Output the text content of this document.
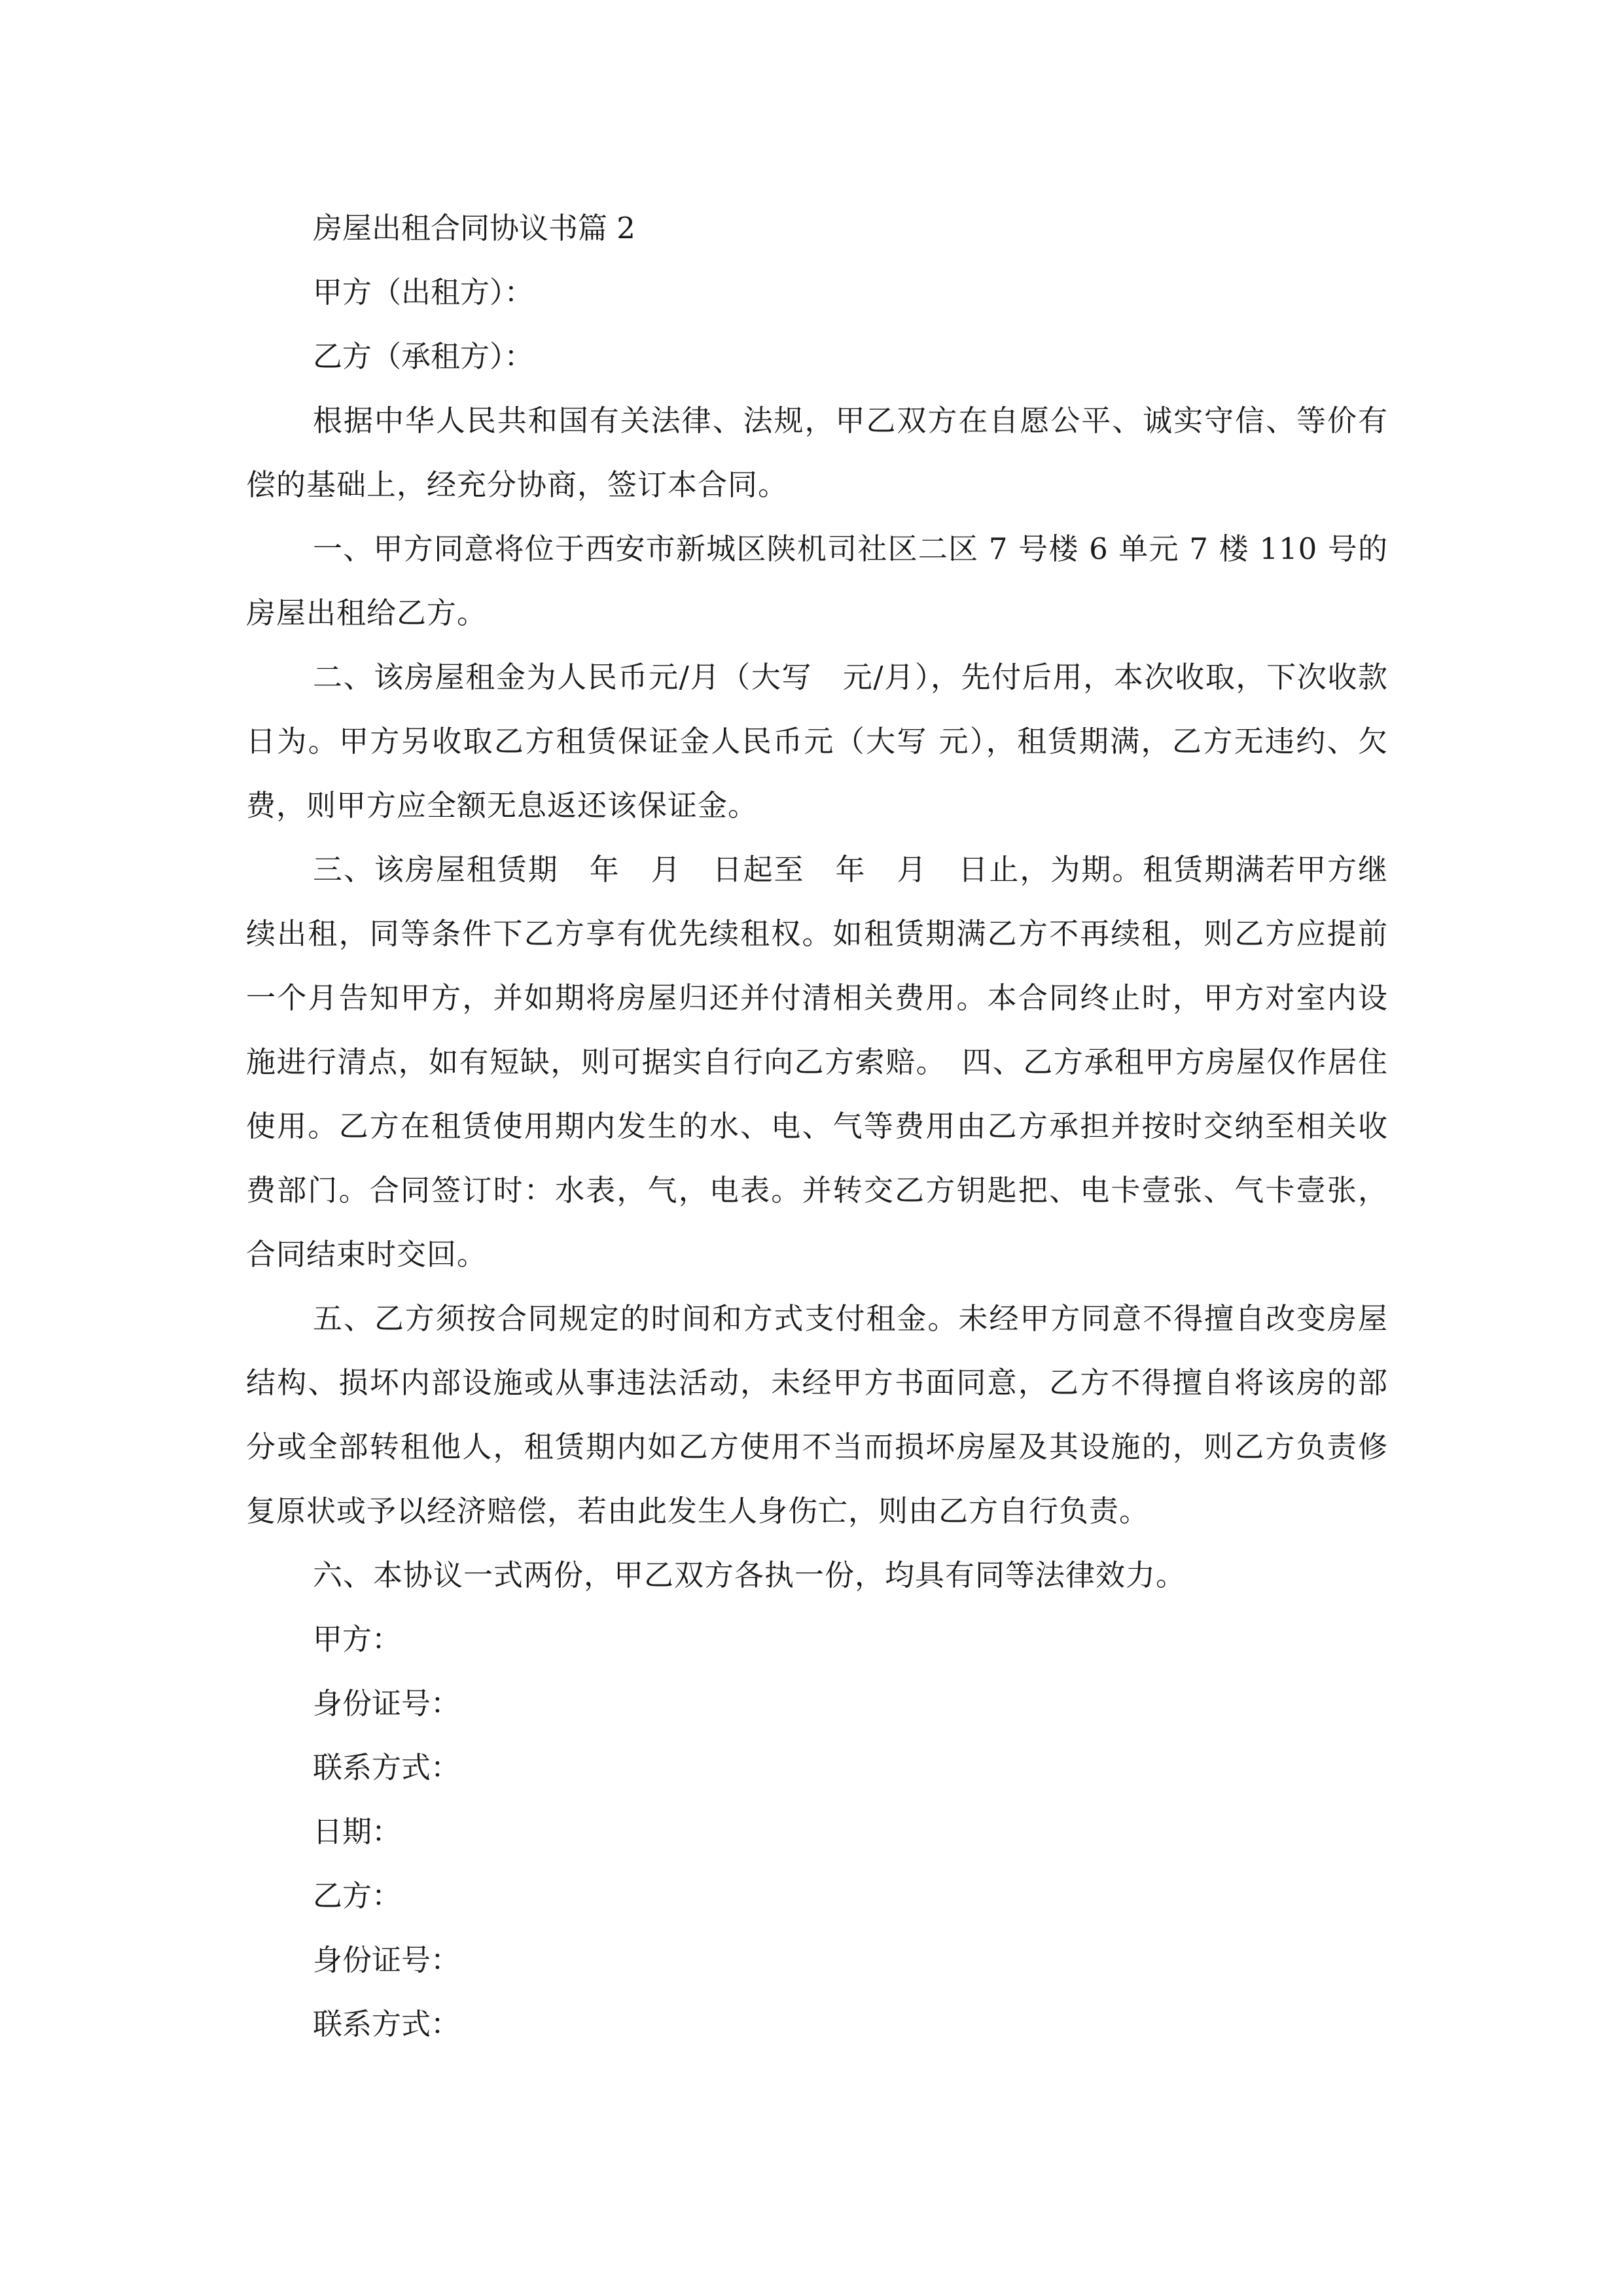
房屋出租合同协议书篇 2

甲方（出租方）：

乙方（承租方）：

根据中华人民共和国有关法律、法规，甲乙双方在自愿公平、诚实守信、等价有偿的基础上，经充分协商，签订本合同。

一、甲方同意将位于西安市新城区陕机司社区二区 7 号楼 6 单元 7 楼 110 号的房屋出租给乙方。

二、该房屋租金为人民币元/月（大写　元/月），先付后用，本次收取，下次收款日为。甲方另收取乙方租赁保证金人民币元（大写 元），租赁期满，乙方无违约、欠费，则甲方应全额无息返还该保证金。

三、该房屋租赁期　年　月　日起至　年　月　日止，为期。租赁期满若甲方继续出租，同等条件下乙方享有优先续租权。如租赁期满乙方不再续租，则乙方应提前一个月告知甲方，并如期将房屋归还并付清相关费用。本合同终止时，甲方对室内设施进行清点，如有短缺，则可据实自行向乙方索赔。　四、乙方承租甲方房屋仅作居住使用。乙方在租赁使用期内发生的水、电、气等费用由乙方承担并按时交纳至相关收费部门。合同签订时：水表，气，电表。并转交乙方钥匙把、电卡壹张、气卡壹张，合同结束时交回。

五、乙方须按合同规定的时间和方式支付租金。未经甲方同意不得擅自改变房屋结构、损坏内部设施或从事违法活动，未经甲方书面同意，乙方不得擅自将该房的部分或全部转租他人，租赁期内如乙方使用不当而损坏房屋及其设施的，则乙方负责修复原状或予以经济赔偿，若由此发生人身伤亡，则由乙方自行负责。

六、本协议一式两份，甲乙双方各执一份，均具有同等法律效力。

甲方：

身份证号：

联系方式：

日期：

乙方：

身份证号：

联系方式：
